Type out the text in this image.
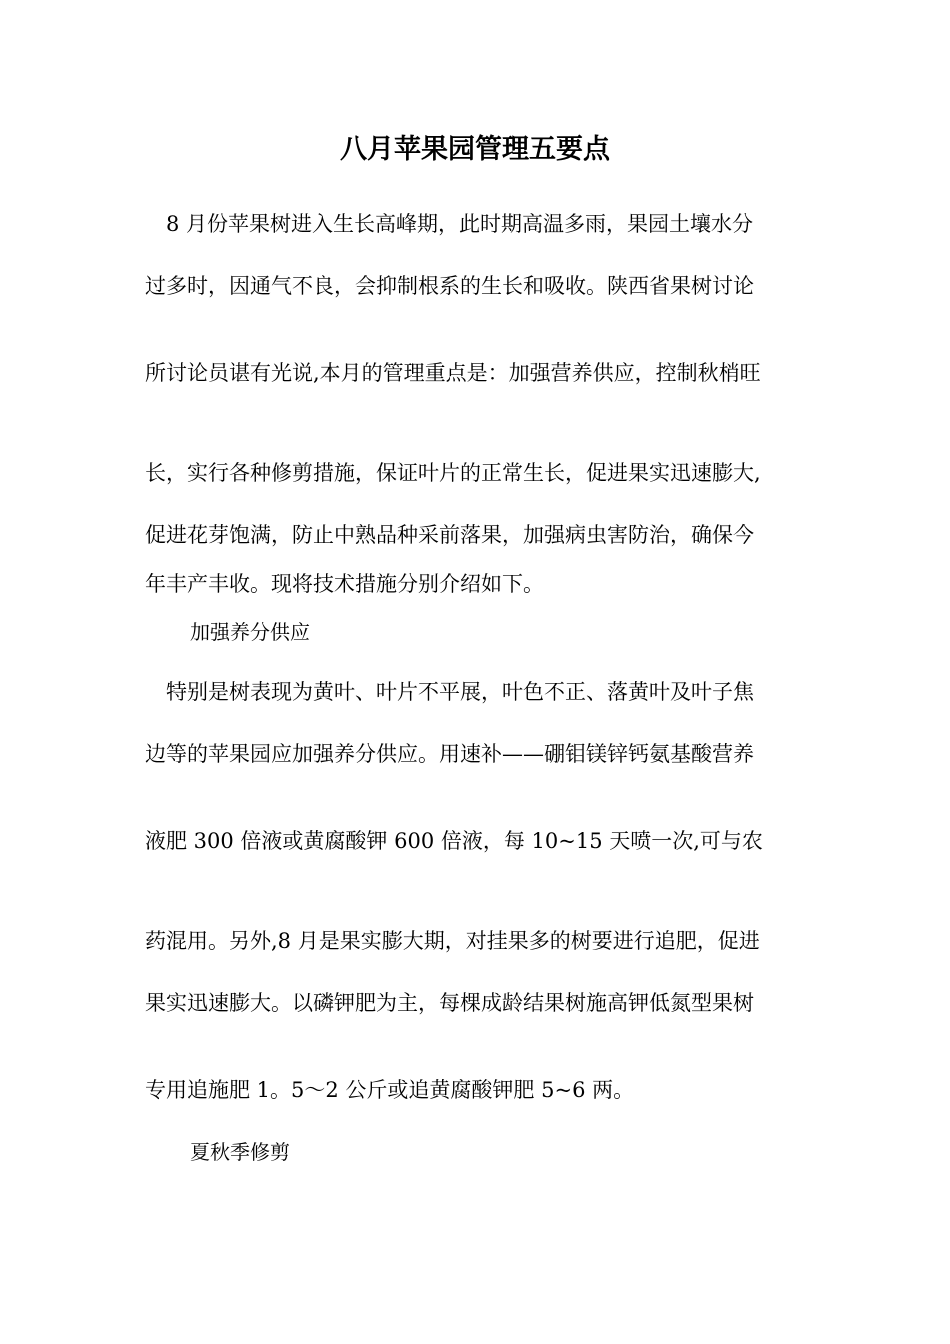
八月苹果园管理五要点
　8 月份苹果树进入生长高峰期，此时期高温多雨，果园土壤水分
过多时，因通气不良，会抑制根系的生长和吸收。陕西省果树讨论
所讨论员谌有光说,本月的管理重点是：加强营养供应，控制秋梢旺
长，实行各种修剪措施，保证叶片的正常生长，促进果实迅速膨大,
促进花芽饱满，防止中熟品种采前落果，加强病虫害防治，确保今
年丰产丰收。现将技术措施分别介绍如下。
加强养分供应
　特别是树表现为黄叶、叶片不平展，叶色不正、落黄叶及叶子焦
边等的苹果园应加强养分供应。用速补——硼钼镁锌钙氨基酸营养
液肥 300 倍液或黄腐酸钾 600 倍液，每 10~15 天喷一次,可与农
药混用。另外,8 月是果实膨大期，对挂果多的树要进行追肥，促进
果实迅速膨大。以磷钾肥为主，每棵成龄结果树施高钾低氮型果树
专用追施肥 1。5～2 公斤或追黄腐酸钾肥 5~6 两。
夏秋季修剪
